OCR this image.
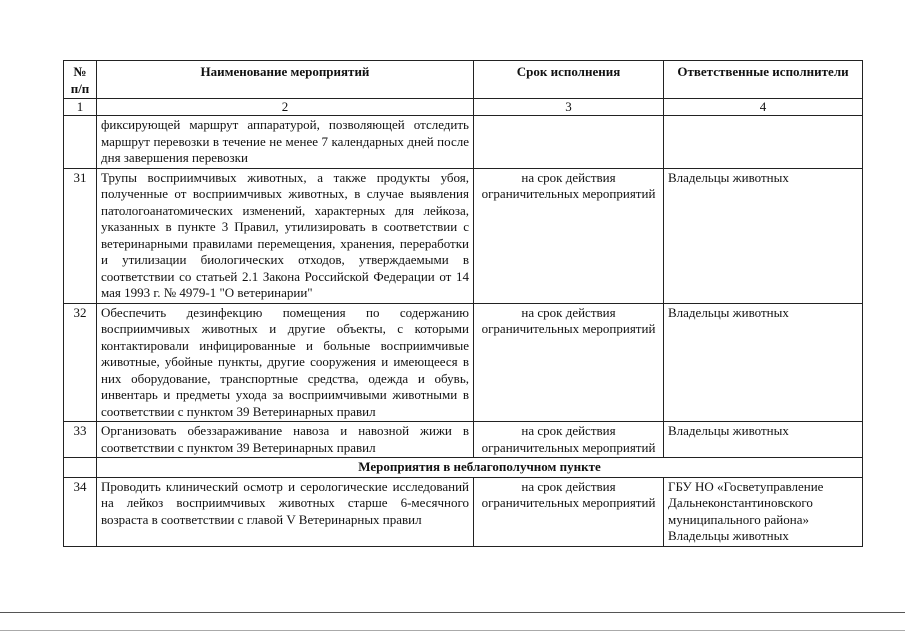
№ п/п	Наименование мероприятий	Срок исполнения	Ответственные исполнители
1	2	3	4
	фиксирующей маршрут аппаратурой, позволяющей отследить маршрут перевозки в течение не менее 7 календарных дней после дня завершения перевозки		
31	Трупы восприимчивых животных, а также продукты убоя, полученные от восприимчивых животных, в случае выявления патологоанатомических изменений, характерных для лейкоза, указанных в пункте 3 Правил, утилизировать в соответствии с ветеринарными правилами перемещения, хранения, переработки и утилизации биологических отходов, утверждаемыми в соответствии со статьей 2.1 Закона Российской Федерации от 14 мая 1993 г. № 4979-1 "О ветеринарии"	на срок действия ограничительных мероприятий	Владельцы животных
32	Обеспечить дезинфекцию помещения по содержанию восприимчивых животных и другие объекты, с которыми контактировали инфицированные и больные восприимчивые животные, убойные пункты, другие сооружения и имеющееся в них оборудование, транспортные средства, одежда и обувь, инвентарь и предметы ухода за восприимчивыми животными в соответствии с пунктом 39 Ветеринарных правил	на срок действия ограничительных мероприятий	Владельцы животных
33	Организовать обеззараживание навоза и навозной жижи в соответствии с пунктом 39 Ветеринарных правил	на срок действия ограничительных мероприятий	Владельцы животных
	Мероприятия в неблагополучном пункте		
34	Проводить клинический осмотр и серологические исследований на лейкоз восприимчивых животных старше 6-месячного возраста в соответствии с главой V Ветеринарных правил	на срок действия ограничительных мероприятий	ГБУ НО «Госветуправление Дальнеконстантиновского муниципального района» Владельцы животных
